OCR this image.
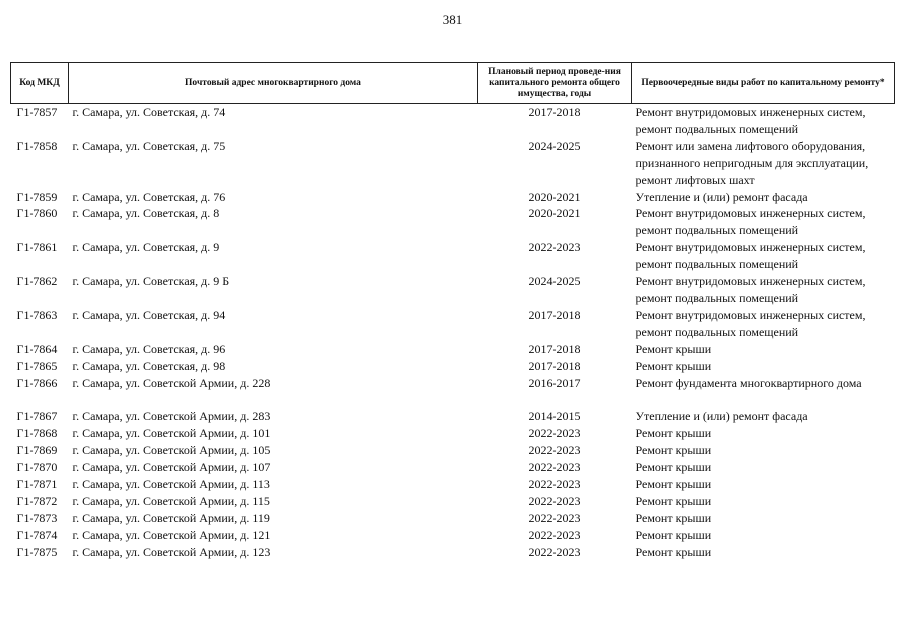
381
Код МКД	Почтовый адрес многоквартирного дома	Плановый период проведе-ния капитального ремонта общего имущества, годы	Первоочередные виды работ по капитальному ремонту*
Г1-7857	г. Самара, ул. Советская, д. 74	2017-2018	Ремонт внутридомовых инженерных систем,
ремонт подвальных помещений

Г1-7858	г. Самара, ул. Советская, д. 75	2024-2025	Ремонт или замена лифтового оборудования,
признанного непригодным для эксплуатации,
ремонт лифтовых шахт

Г1-7859	г. Самара, ул. Советская, д. 76	2020-2021	Утепление и (или) ремонт фасада

Г1-7860	г. Самара, ул. Советская, д. 8	2020-2021	Ремонт внутридомовых инженерных систем,
ремонт подвальных помещений

Г1-7861	г. Самара, ул. Советская, д. 9	2022-2023	Ремонт внутридомовых инженерных систем,
ремонт подвальных помещений

Г1-7862	г. Самара, ул. Советская, д. 9 Б	2024-2025	Ремонт внутридомовых инженерных систем,
ремонт подвальных помещений

Г1-7863	г. Самара, ул. Советская, д. 94	2017-2018	Ремонт внутридомовых инженерных систем,
ремонт подвальных помещений

Г1-7864	г. Самара, ул. Советская, д. 96	2017-2018	Ремонт крыши

Г1-7865	г. Самара, ул. Советская, д. 98	2017-2018	Ремонт крыши

Г1-7866	г. Самара, ул. Советской Армии, д. 228	2016-2017	Ремонт фундамента многоквартирного дома

Г1-7867	г. Самара, ул. Советской Армии, д. 283	2014-2015	Утепление и (или) ремонт фасада

Г1-7868	г. Самара, ул. Советской Армии, д. 101	2022-2023	Ремонт крыши

Г1-7869	г. Самара, ул. Советской Армии, д. 105	2022-2023	Ремонт крыши

Г1-7870	г. Самара, ул. Советской Армии, д. 107	2022-2023	Ремонт крыши

Г1-7871	г. Самара, ул. Советской Армии, д. 113	2022-2023	Ремонт крыши

Г1-7872	г. Самара, ул. Советской Армии, д. 115	2022-2023	Ремонт крыши

Г1-7873	г. Самара, ул. Советской Армии, д. 119	2022-2023	Ремонт крыши

Г1-7874	г. Самара, ул. Советской Армии, д. 121	2022-2023	Ремонт крыши

Г1-7875	г. Самара, ул. Советской Армии, д. 123	2022-2023	Ремонт крыши
